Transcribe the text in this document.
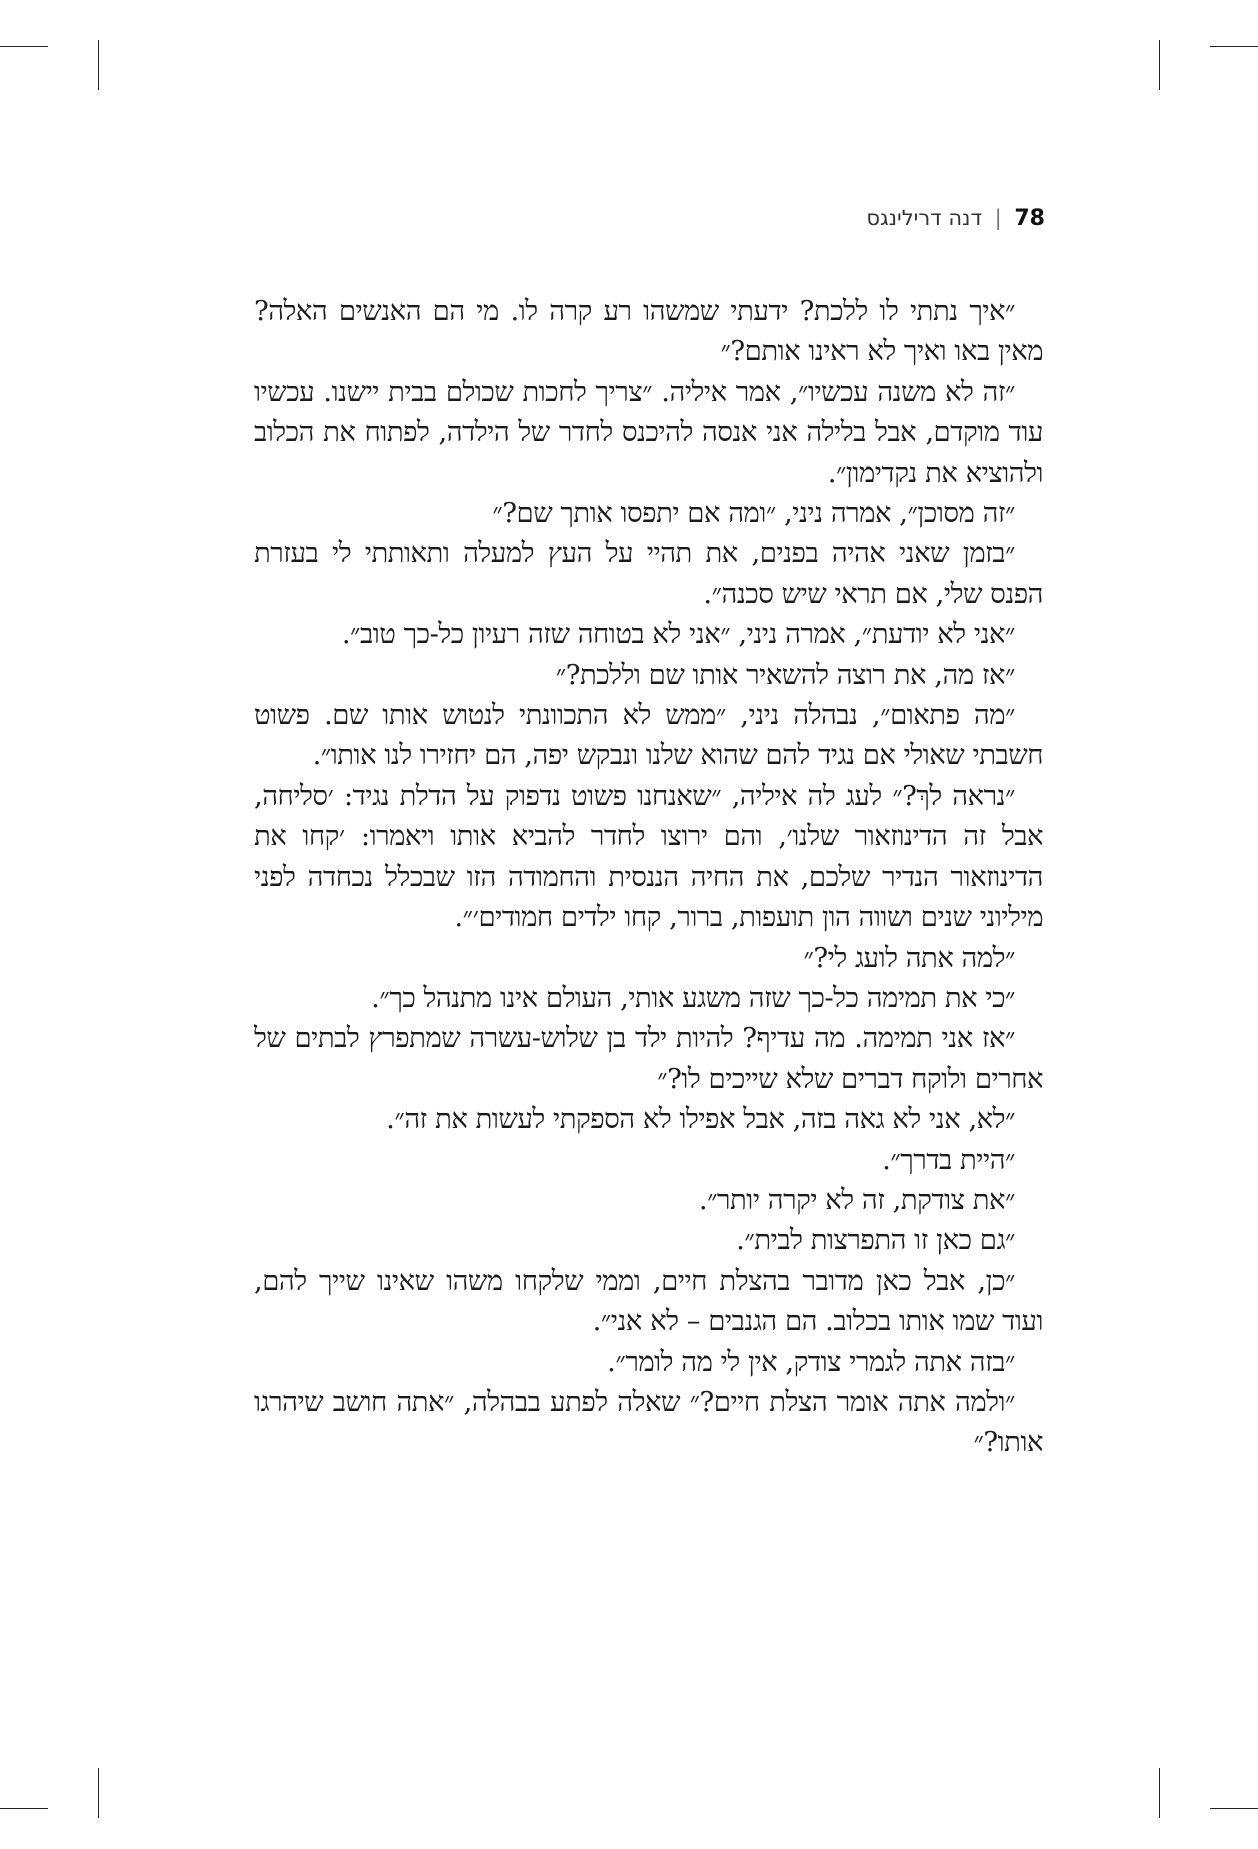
78 | דנה דרילינגס

״איך נתתי לו ללכת? ידעתי שמשהו רע קרה לו. מי הם האנשים האלה? מאין באו ואיך לא ראינו אותם?״

״זה לא משנה עכשיו״, אמר איליה. ״צריך לחכות שכולם בבית יישנו. עכשיו עוד מוקדם, אבל בלילה אני אנסה להיכנס לחדר של הילדה, לפתוח את הכלוב ולהוציא את נקדימון״.

״זה מסוכן״, אמרה ניני, ״ומה אם יתפסו אותך שם?״

״בזמן שאני אהיה בפנים, את תהיי על העץ למעלה ותאותתי לי בעזרת הפנס שלי, אם תראי שיש סכנה״.

״אני לא יודעת״, אמרה ניני, ״אני לא בטוחה שזה רעיון כל-כך טוב״.

״אז מה, את רוצה להשאיר אותו שם וללכת?״

״מה פתאום״, נבהלה ניני, ״ממש לא התכוונתי לנטוש אותו שם. פשוט חשבתי שאולי אם נגיד להם שהוא שלנו ונבקש יפה, הם יחזירו לנו אותו״.

״נראה לךְ?״ לעג לה איליה, ״שאנחנו פשוט נדפוק על הדלת נגיד: ׳סליחה, אבל זה הדינוזאור שלנו׳, והם ירוצו לחדר להביא אותו ויאמרו: ׳קחו את הדינוזאור הנדיר שלכם, את החיה הננסית והחמודה הזו שבכלל נכחדה לפני מיליוני שנים ושווה הון תועפות, ברור, קחו ילדים חמודים׳״.

״למה אתה לועג לי?״

״כי את תמימה כל-כך שזה משגע אותי, העולם אינו מתנהל כך״.

״אז אני תמימה. מה עדיף? להיות ילד בן שלוש-עשרה שמתפרץ לבתים של אחרים ולוקח דברים שלא שייכים לו?״

״לא, אני לא גאה בזה, אבל אפילו לא הספקתי לעשות את זה״.

״היית בדרך״.

״את צודקת, זה לא יקרה יותר״.

״גם כאן זו התפרצות לבית״.

״כן, אבל כאן מדובר בהצלת חיים, וממי שלקחו משהו שאינו שייך להם, ועוד שמו אותו בכלוב. הם הגנבים – לא אני״.

״בזה אתה לגמרי צודק, אין לי מה לומר״.

״ולמה אתה אומר הצלת חיים?״ שאלה לפתע בבהלה, ״אתה חושב שיהרגו אותו?״
